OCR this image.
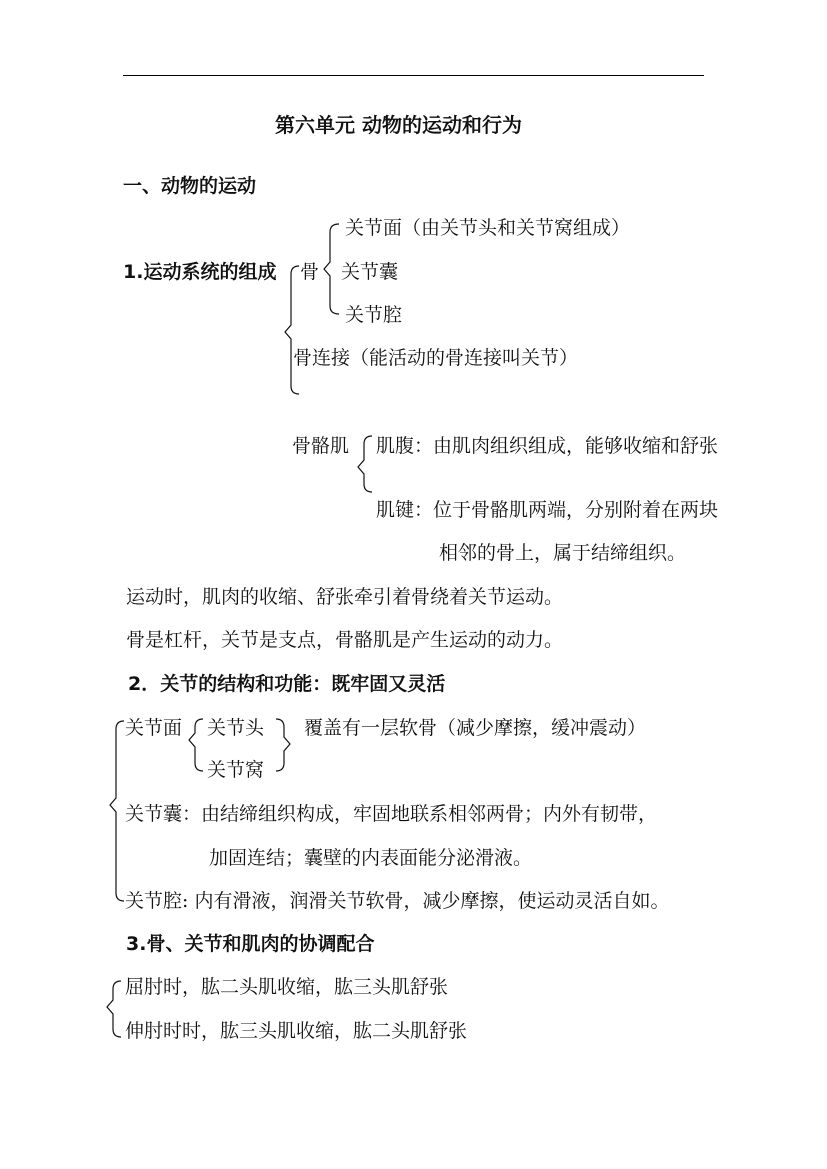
第六单元 动物的运动和行为
一、动物的运动
关节面（由关节头和关节窝组成）
1.运动系统的组成 骨 关节囊
关节腔
骨连接（能活动的骨连接叫关节）
骨骼肌 肌腹：由肌肉组织组成，能够收缩和舒张
肌键：位于骨骼肌两端，分别附着在两块
相邻的骨上，属于结缔组织。
运动时，肌肉的收缩、舒张牵引着骨绕着关节运动。
骨是杠杆，关节是支点，骨骼肌是产生运动的动力。
2．关节的结构和功能：既牢固又灵活
关节面 关节头 覆盖有一层软骨（减少摩擦，缓冲震动）
关节窝
关节囊：由结缔组织构成，牢固地联系相邻两骨；内外有韧带，
加固连结；囊壁的内表面能分泌滑液。
关节腔: 内有滑液，润滑关节软骨，减少摩擦，使运动灵活自如。
3.骨、关节和肌肉的协调配合
屈肘时，肱二头肌收缩，肱三头肌舒张
伸肘时时，肱三头肌收缩，肱二头肌舒张
